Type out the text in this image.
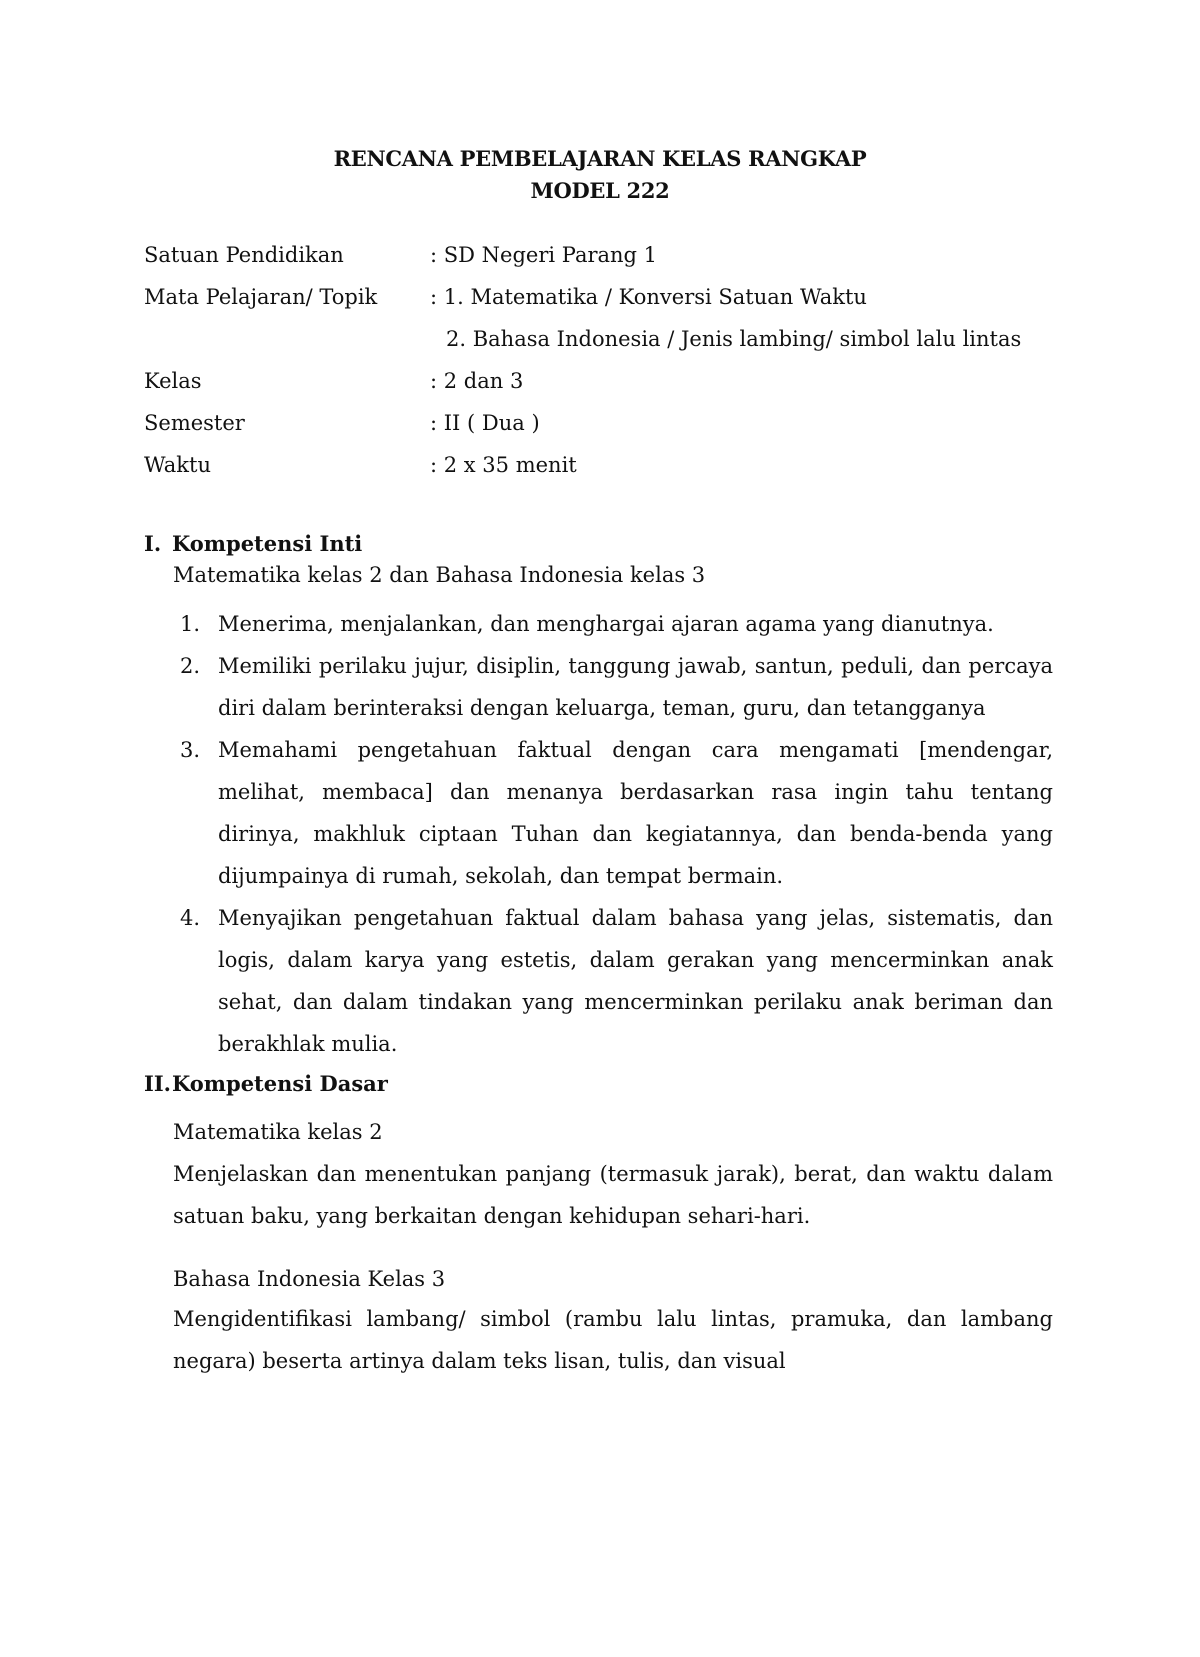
RENCANA PEMBELAJARAN KELAS RANGKAP
MODEL 222
Satuan Pendidikan	: SD Negeri Parang 1
Mata Pelajaran/ Topik	: 1. Matematika / Konversi Satuan Waktu
2. Bahasa Indonesia / Jenis lambing/ simbol lalu lintas
Kelas	: 2 dan 3
Semester	: II ( Dua )
Waktu	: 2 x 35 menit
I. Kompetensi Inti
Matematika kelas 2 dan Bahasa Indonesia kelas 3
1. Menerima, menjalankan, dan menghargai ajaran agama yang dianutnya.
2. Memiliki perilaku jujur, disiplin, tanggung jawab, santun, peduli, dan percaya diri dalam berinteraksi dengan keluarga, teman, guru, dan tetangganya
3. Memahami pengetahuan faktual dengan cara mengamati [mendengar, melihat, membaca] dan menanya berdasarkan rasa ingin tahu tentang dirinya, makhluk ciptaan Tuhan dan kegiatannya, dan benda-benda yang dijumpainya di rumah, sekolah, dan tempat bermain.
4. Menyajikan pengetahuan faktual dalam bahasa yang jelas, sistematis, dan logis, dalam karya yang estetis, dalam gerakan yang mencerminkan anak sehat, dan dalam tindakan yang mencerminkan perilaku anak beriman dan berakhlak mulia.
II.Kompetensi Dasar
Matematika kelas 2
Menjelaskan dan menentukan panjang (termasuk jarak), berat, dan waktu dalam satuan baku, yang berkaitan dengan kehidupan sehari-hari.
Bahasa Indonesia Kelas 3
Mengidentifikasi lambang/ simbol (rambu lalu lintas, pramuka, dan lambang negara) beserta artinya dalam teks lisan, tulis, dan visual
